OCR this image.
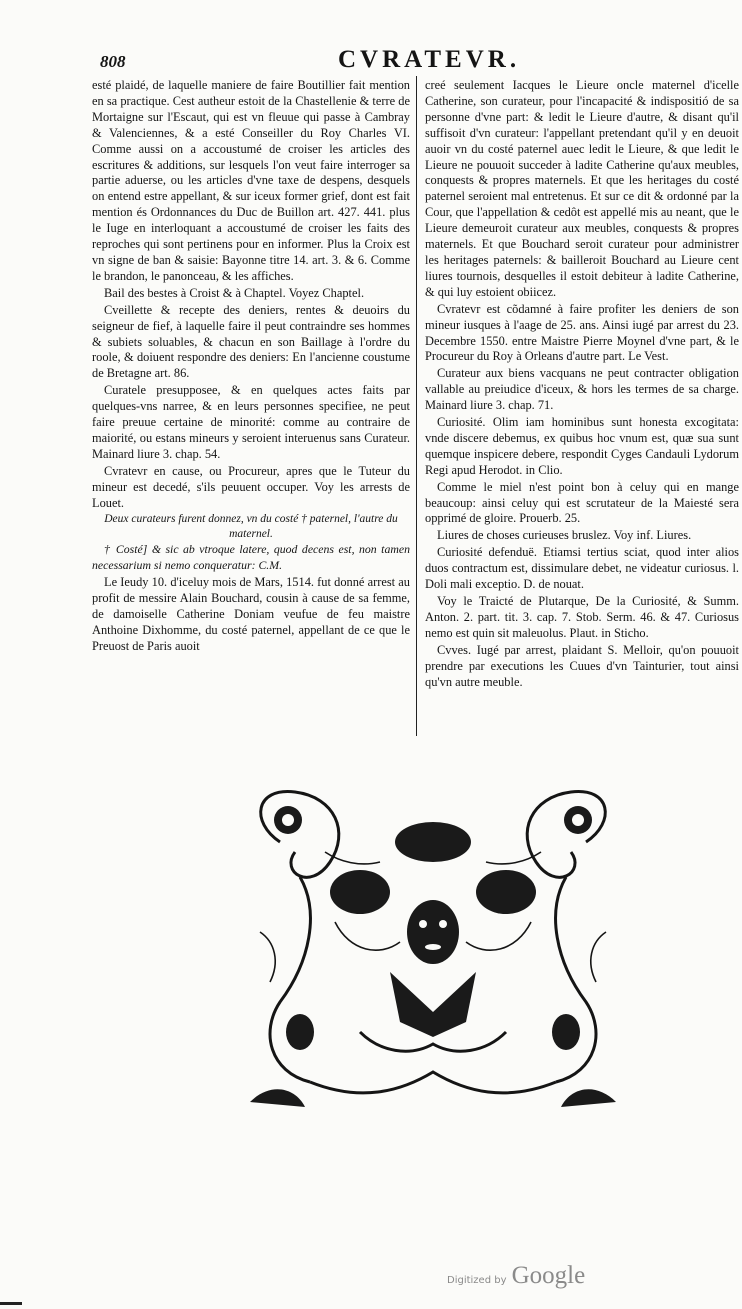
808	CVRATEVR.

esté plaidé, de laquelle maniere de faire Boutillier fait mention en sa practique. Cest autheur estoit de la Chastellenie & terre de Mortaigne sur l'Escaut, qui est vn fleuue qui passe à Cambray & Valenciennes, & a esté Conseiller du Roy Charles VI. Comme aussi on a accoustumé de croiser les articles des escritures & additions, sur lesquels l'on veut faire interroger sa partie aduerse, ou les articles d'vne taxe de despens, desquels on entend estre appellant, & sur iceux former grief, dont est fait mention és Ordonnances du Duc de Buillon art. 427. 441. plus le Iuge en interloquant a accoustumé de croiser les faits des reproches qui sont pertinens pour en informer. Plus la Croix est vn signe de ban & saisie: Bayonne titre 14. art. 3. & 6. Comme le brandon, le panonceau, & les affiches.

Bail des bestes à Croist & à Chaptel. Voyez Chaptel.

Cveillette & recepte des deniers, rentes & deuoirs du seigneur de fief, à laquelle faire il peut contraindre ses hommes & subiets soluables, & chacun en son Baillage à l'ordre du roole, & doiuent respondre des deniers: En l'ancienne coustume de Bretagne art. 86.

Curatele presupposee, & en quelques actes faits par quelques-vns narree, & en leurs personnes specifiee, ne peut faire preuue certaine de minorité: comme au contraire de maiorité, ou estans mineurs y seroient interuenus sans Curateur. Mainard liure 3. chap. 54.

Cvratevr en cause, ou Procureur, apres que le Tuteur du mineur est decedé, s'ils peuuent occuper. Voy les arrests de Louet.

Deux curateurs furent donnez, vn du costé † paternel, l'autre du maternel.

† Costé] & sic ab vtroque latere, quod decens est, non tamen necessarium si nemo conqueratur: C.M.

Le Ieudy 10. d'iceluy mois de Mars, 1514. fut donné arrest au profit de messire Alain Bouchard, cousin à cause de sa femme, de damoiselle Catherine Doniam veufue de feu maistre Anthoine Dixhomme, du costé paternel, appellant de ce que le Preuost de Paris auoit

creé seulement Iacques le Lieure oncle maternel d'icelle Catherine, son curateur, pour l'incapacité & indispositió de sa personne d'vne part: & ledit le Lieure d'autre, & disant qu'il suffisoit d'vn curateur: l'appellant pretendant qu'il y en deuoit auoir vn du costé paternel auec ledit le Lieure, & que ledit le Lieure ne pouuoit succeder à ladite Catherine qu'aux meubles, conquests & propres maternels. Et que les heritages du costé paternel seroient mal entretenus. Et sur ce dit & ordonné par la Cour, que l'appellation & cedôt est appellé mis au neant, que le Lieure demeuroit curateur aux meubles, conquests & propres maternels. Et que Bouchard seroit curateur pour administrer les heritages paternels: & bailleroit Bouchard au Lieure cent liures tournois, desquelles il estoit debiteur à ladite Catherine, & qui luy estoient obiicez.

Cvratevr est cõdamné à faire profiter les deniers de son mineur iusques à l'aage de 25. ans. Ainsi iugé par arrest du 23. Decembre 1550. entre Maistre Pierre Moynel d'vne part, & le Procureur du Roy à Orleans d'autre part. Le Vest.

Curateur aux biens vacquans ne peut contracter obligation vallable au preiudice d'iceux, & hors les termes de sa charge. Mainard liure 3. chap. 71.

Curiosité. Olim iam hominibus sunt honesta excogitata: vnde discere debemus, ex quibus hoc vnum est, quæ sua sunt quemque inspicere debere, respondit Cyges Candauli Lydorum Regi apud Herodot. in Clio.

Comme le miel n'est point bon à celuy qui en mange beaucoup: ainsi celuy qui est scrutateur de la Maiesté sera opprimé de gloire. Prouerb. 25.

Liures de choses curieuses bruslez. Voy inf. Liures.

Curiosité defenduë. Etiamsi tertius sciat, quod inter alios duos contractum est, dissimulare debet, ne videatur curiosus. l. Doli mali exceptio. D. de nouat.

Voy le Traicté de Plutarque, De la Curiosité, & Summ. Anton. 2. part. tit. 3. cap. 7. Stob. Serm. 46. & 47. Curiosus nemo est quin sit maleuolus. Plaut. in Sticho.

Cvves. Iugé par arrest, plaidant S. Melloir, qu'on pouuoit prendre par executions les Cuues d'vn Tainturier, tout ainsi qu'vn autre meuble.

Digitized by Google
